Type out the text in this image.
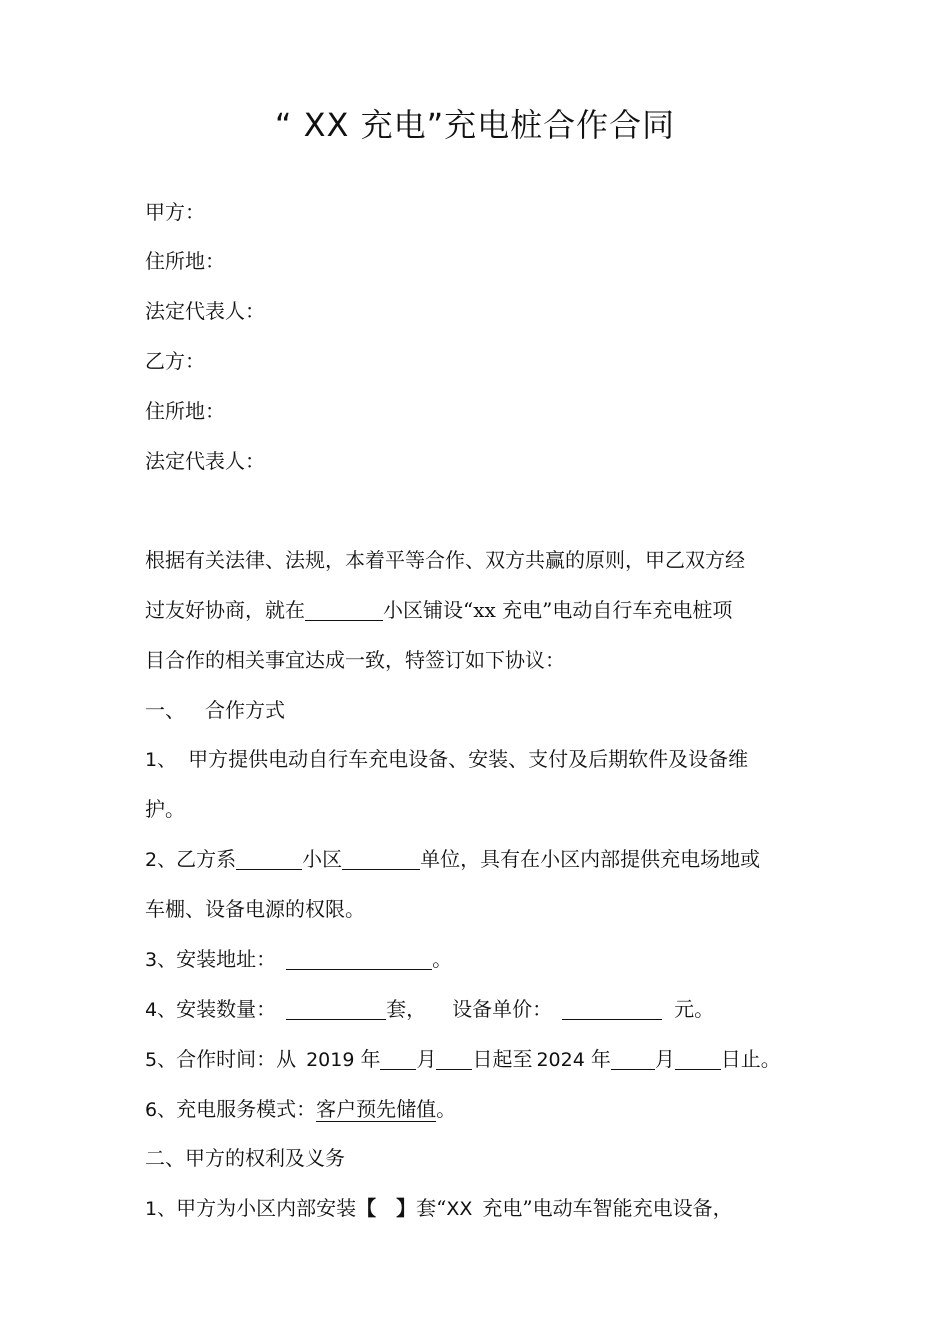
“ XX 充电”充电桩合作合同
甲方：
住所地：
法定代表人：
乙方：
住所地：
法定代表人：
根据有关法律、法规，本着平等合作、双方共赢的原则，甲乙双方经
过友好协商，就在	小区铺设“xx 充电”电动自行车充电桩项
目合作的相关事宜达成一致，特签订如下协议：
一、 合作方式
1、 甲方提供电动自行车充电设备、安装、支付及后期软件及设备维
护。
2、乙方系	小区	单位，具有在小区内部提供充电场地或
车棚、设备电源的权限。
3、安装地址：	。
4、安装数量：	套， 设备单价：	元。
5、合作时间：从 2019 年 月 日起至 2024 年 月 日止。
6、充电服务模式：客户预先储值。
二、甲方的权利及义务
1、甲方为小区内部安装【　】套“XX 充电”电动车智能充电设备，
